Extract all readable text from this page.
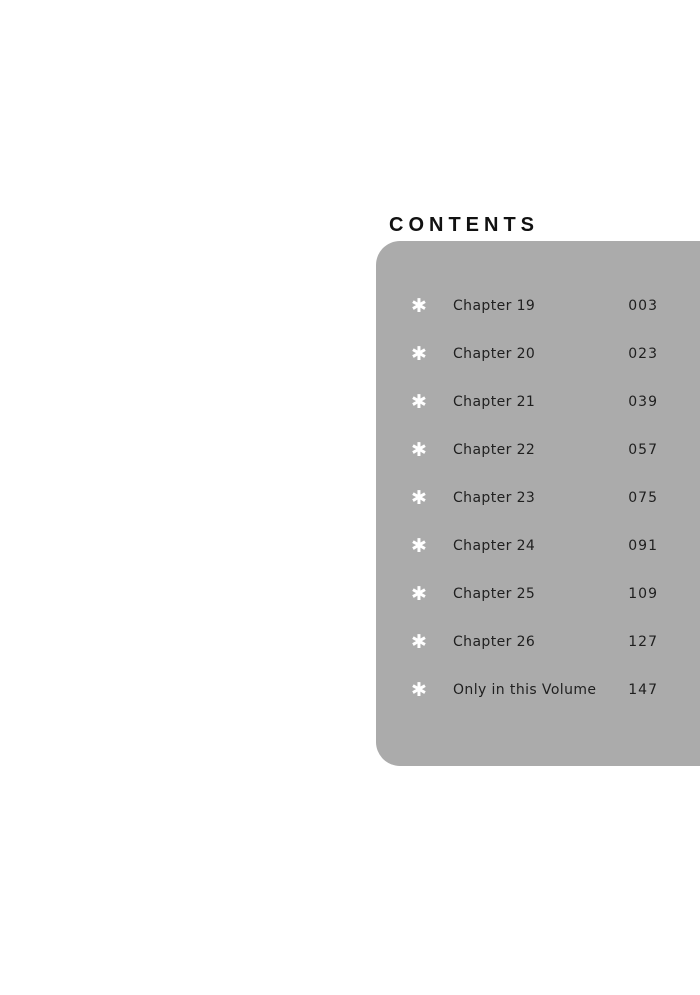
CONTENTS
✱ Chapter 19	003
✱ Chapter 20	023
✱ Chapter 21	039
✱ Chapter 22	057
✱ Chapter 23	075
✱ Chapter 24	091
✱ Chapter 25	109
✱ Chapter 26	127
✱ Only in this Volume 147
